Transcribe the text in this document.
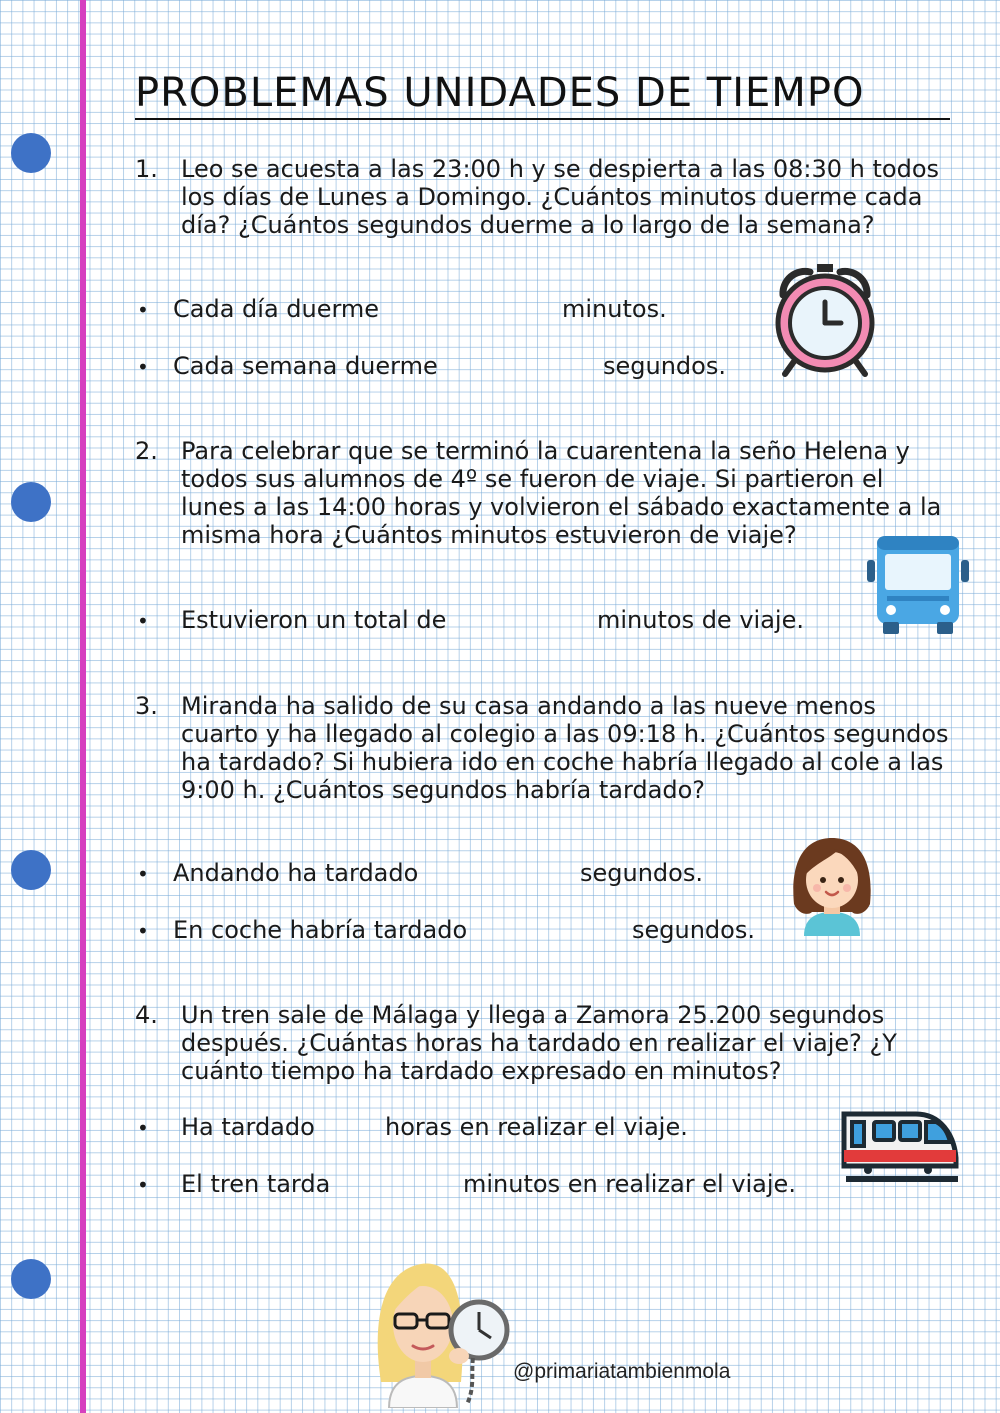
PROBLEMAS UNIDADES DE TIEMPO
1. Leo se acuesta a las 23:00 h y se despierta a las 08:30 h todos los días de Lunes a Domingo. ¿Cuántos minutos duerme cada día? ¿Cuántos segundos duerme a lo largo de la semana?
• Cada día duerme	minutos.
• Cada semana duerme	segundos.
2. Para celebrar que se terminó la cuarentena la seño Helena y todos sus alumnos de 4º se fueron de viaje. Si partieron el lunes a las 14:00 horas y volvieron el sábado exactamente a la misma hora ¿Cuántos minutos estuvieron de viaje?
• Estuvieron un total de	minutos de viaje.
3. Miranda ha salido de su casa andando a las nueve menos cuarto y ha llegado al colegio a las 09:18 h. ¿Cuántos segundos ha tardado? Si hubiera ido en coche habría llegado al cole a las 9:00 h. ¿Cuántos segundos habría tardado?
• Andando ha tardado	segundos.
• En coche habría tardado	segundos.
4. Un tren sale de Málaga y llega a Zamora 25.200 segundos después. ¿Cuántas horas ha tardado en realizar el viaje? ¿Y cuánto tiempo ha tardado expresado en minutos?
• Ha tardado	horas en realizar el viaje.
• El tren tarda	minutos en realizar el viaje.
@primariatambienmola
